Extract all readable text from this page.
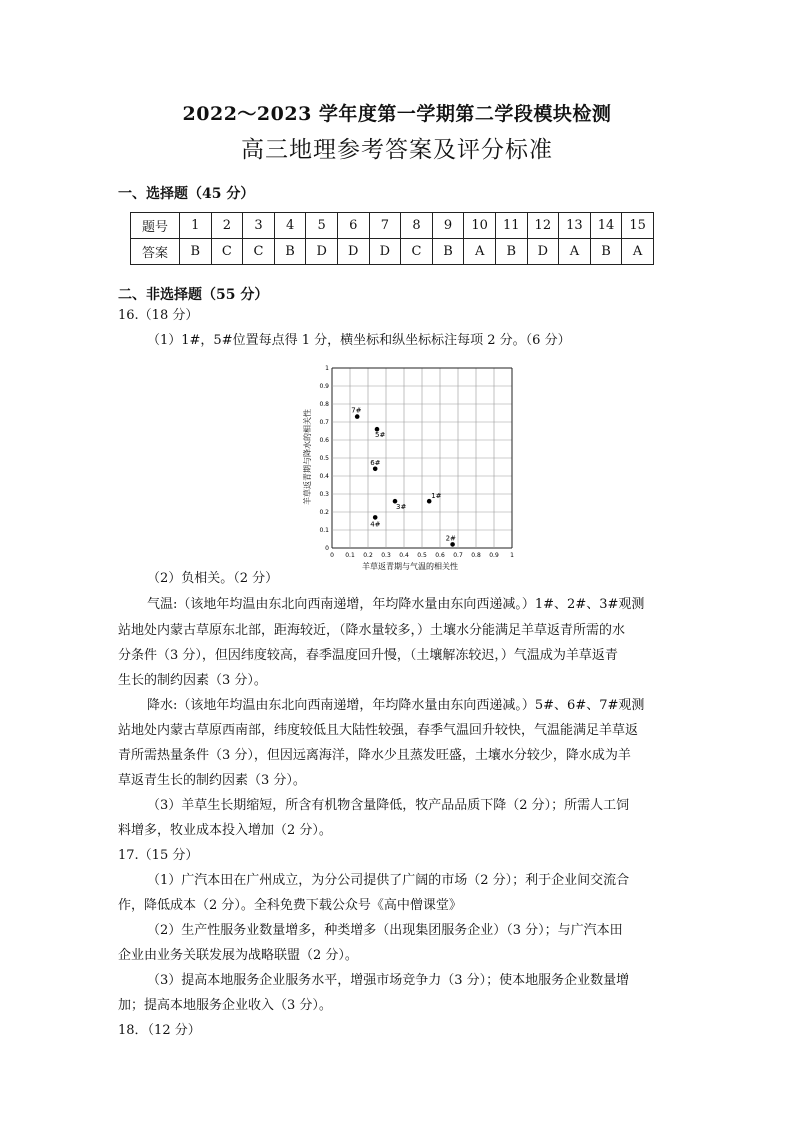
2022～2023 学年度第一学期第二学段模块检测
高三地理参考答案及评分标准
一、选择题（45 分）
题号	1	2	3	4	5	6	7	8	9	10	11	12	13	14	15
答案	B	C	C	B	D	D	D	C	B	A	B	D	A	B	A
二、非选择题（55 分）
16.（18 分）
（1）1#，5#位置每点得 1 分，横坐标和纵坐标标注每项 2 分。（6 分）
0
0
0.1
0.1
0.2
0.2
0.3
0.3
0.4
0.4
0.5
0.5
0.6
0.6
0.7
0.7
0.8
0.8
0.9
0.9
1
1
7#
5#
6#
3#
1#
4#
2#
羊草返青期与气温的相关性
羊草返青期与降水的相关性
（2）负相关。（2 分）
气温:（该地年均温由东北向西南递增，年均降水量由东向西递减。）1#、2#、3#观测
站地处内蒙古草原东北部，距海较近，（降水量较多，）土壤水分能满足羊草返青所需的水
分条件（3 分），但因纬度较高，春季温度回升慢，（土壤解冻较迟，）气温成为羊草返青
生长的制约因素（3 分）。
降水:（该地年均温由东北向西南递增，年均降水量由东向西递减。）5#、6#、7#观测
站地处内蒙古草原西南部，纬度较低且大陆性较强，春季气温回升较快，气温能满足羊草返
青所需热量条件（3 分），但因远离海洋，降水少且蒸发旺盛，土壤水分较少，降水成为羊
草返青生长的制约因素（3 分）。
（3）羊草生长期缩短，所含有机物含量降低，牧产品品质下降（2 分）；所需人工饲
料增多，牧业成本投入增加（2 分）。
17.（15 分）
（1）广汽本田在广州成立，为分公司提供了广阔的市场（2 分）；利于企业间交流合
作，降低成本（2 分）。全科免费下载公众号《高中僧课堂》
（2）生产性服务业数量增多，种类增多（出现集团服务企业）（3 分）；与广汽本田
企业由业务关联发展为战略联盟（2 分）。
（3）提高本地服务企业服务水平，增强市场竞争力（3 分）；使本地服务企业数量增
加；提高本地服务企业收入（3 分）。
18．（12 分）
